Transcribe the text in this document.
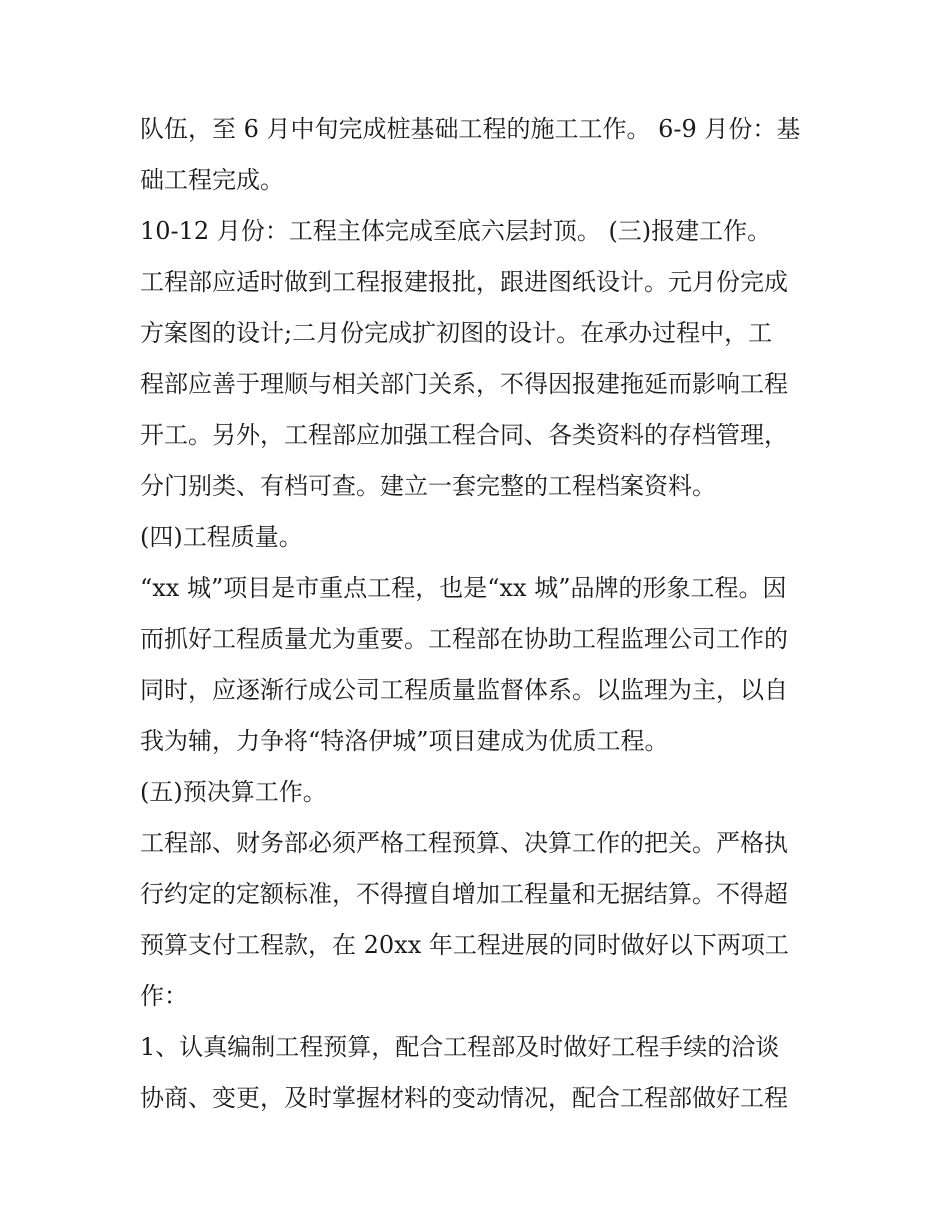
队伍，至 6 月中旬完成桩基础工程的施工工作。 6-9 月份：基
础工程完成。
10-12 月份：工程主体完成至底六层封顶。 (三)报建工作。
工程部应适时做到工程报建报批，跟进图纸设计。元月份完成
方案图的设计;二月份完成扩初图的设计。在承办过程中，工
程部应善于理顺与相关部门关系，不得因报建拖延而影响工程
开工。另外，工程部应加强工程合同、各类资料的存档管理，
分门别类、有档可查。建立一套完整的工程档案资料。
(四)工程质量。
“xx 城”项目是市重点工程，也是“xx 城”品牌的形象工程。因
而抓好工程质量尤为重要。工程部在协助工程监理公司工作的
同时，应逐渐行成公司工程质量监督体系。以监理为主，以自
我为辅，力争将“特洛伊城”项目建成为优质工程。
(五)预决算工作。
工程部、财务部必须严格工程预算、决算工作的把关。严格执
行约定的定额标准，不得擅自增加工程量和无据结算。不得超
预算支付工程款，在 20xx 年工程进展的同时做好以下两项工
作：
1、认真编制工程预算，配合工程部及时做好工程手续的洽谈
协商、变更，及时掌握材料的变动情况，配合工程部做好工程
